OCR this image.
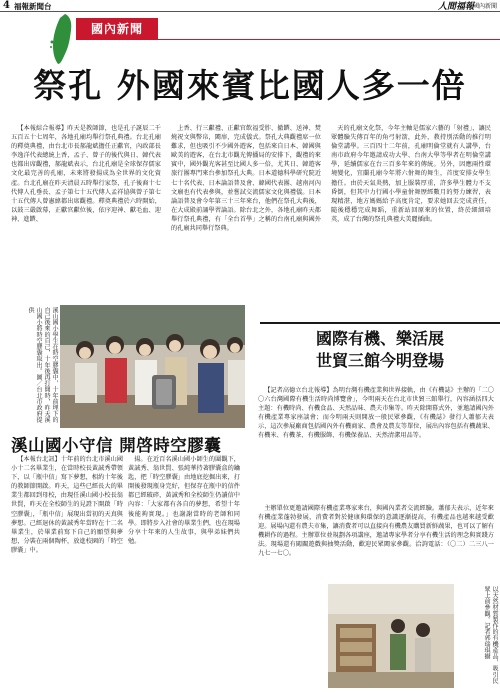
4 福報新聞台	人間福報
國內新聞
國內新聞
祭孔 外國來賓比國人多一倍

【本報綜合報導】昨天是教師節，也是孔子誕辰二千五百五十七周年，各地孔廟均舉行祭孔典禮。台北孔廟的釋奠典禮，由台北市長郝龍斌擔任正獻官，內政部長李逸洋代表總統上香，孟子、曾子的後代與日、韓代表也都出席觀禮，郝龍斌表示，台北孔廟是全球保存儒家文化最完善的孔廟，未來將發揚成為全世界的文化資產。台北孔廟在昨天清晨五時舉行家祭，孔子後裔十七代傳人孔垂長、孟子第七十五代傳人孟祥協與曾子第七十五代傳人曾憲緯都出席觀禮。釋奠典禮於六時開始，以鼓三嚴啟幕，正獻官獻位後，依序迎神、獻毛血、迎神、進饌、

上香、行三獻禮、正獻官飲福受胙、撤饌、送神、焚燒祝文與幣帛，闔扉，完成儀式。祭孔大典觀禮席一位難求，但也吸引不少國外遊客，包括來自日本、韓國與歐美的遊客，在台北市觀光傳播局的安排下，觀禮的來賓中，國外觀光客甚至比國人多一倍，尤其日、韓遊客旅行團專門來台參加祭孔大典。日本道德科學研究院近七十名代表、日本論語普及會、韓國代表團、越南河內文廟也有代表參與，並嘗試交流儒家文化與禮儀。日本論語普及會今年第三十三年來台，他們在祭孔大典後，在大成殿前誦學習論語。除台北之外，各地孔廟昨天都舉行祭孔典禮，有「全台首學」之稱的台南孔廟與國外的孔廟共同舉行祭典。

天的孔廟文化祭，今年主軸是儒家六藝的「射禮」，讓民眾體驗失傳百年的角弓射箭，此外，教持別活動的推行明倫堂講學。三百四十二年前，孔廟明倫堂就有人講學，台南市政府今年邀請成功大學、台南大學等學者在明倫堂講學，延續儒家在台三百多年來的傳統。另外，因應兩性環境變化，宜蘭孔廟今年將六佾舞的舞生，首度安排女學生擔任。由於天氣炎熱，加上服裝厚重，許多學生體力不支昏倒，但其中力行國小學童佾舞歷經數月的努力練習，表現精湛，地方媽媽給予高度肯定，要求她回去完成責任，隨後穩穩完成舞蹈，重新站回原來的位置，終於細細培英，成了台灣的祭孔典禮大美麗插曲。

溪山國小學生在時空膠囊中，十年前埋下的自己後來的自己，十年後再打開時，昨天溪山國小將時空膠囊取出。圖／台北市政府提供
溪山國小守信 開啓時空膠囊

【本報台北訊】十年前的台北市溪山國小十二名畢業生，在當時校長黃誠秀帶領下，以「瓶中信」寫下夢想，相約十年後的教師節開啟。昨天，這些已經長大的畢業生都回到母校，由現任溪山國小校長翁世賢，昨天在全校師生的見證下開啟「時空膠囊」，「瓶中信」展現出當初的天真與夢想。己經退休的黃誠秀年當時在十二名畢業生，於畢業前寫下自己的願望與夢想，分裝在兩個陶杯，放進校園的「時空膠囊」中。

揚。在近百名溪山國小師生的圍觀下，黃誠秀、翁世賢、張純華持著膠囊盒的鑰匙，把「時空膠囊」由地底挖掘出來，打開後發現瓶身完好，但保存在瓶中的信件都已經破碎，黃誠秀和全校師生仍讀信中內容：「大家都有各自的夢想，希望十年後能夠實現。」也謝謝當時的老師和同學。即將步入社會的畢業生們，也在現場分享十年來的人生故事，與學弟妹們共勉。

國際有機、樂活展
世貿三館今明登場

【記者高德立台北報導】為明台灣有機產業與世界接軌，由《有機誌》主辦的「二〇〇六台灣國際有機生活時尚博覽會」，今明兩天在台北市世貿三館舉行，內容涵括四大主題：有機時尚、有機食品、天然品味、農夫市集等。昨天除開幕式外，並邀請國內外有機產業專家座談會；而今明兩天則開放一般民眾參觀，《有機誌》發行人蕭郁夫表示，這次參展廠商包括國內外有機商家、農會及農友等單位，展出內容包括有機蔬果、有機米、有機茶、有機服飾、有機保養品、天然清潔用品等。

主辦單位更邀請國際有機產業專家來台，與國內業者交流經驗。蕭郁夫表示，近年來有機產業蓬勃發展，消費者對於健康與環保的意識逐漸提高，有機產品也越來越受歡迎。展場內還有農夫市集，讓消費者可以直接向有機農友購買新鮮蔬果，也可以了解有機耕作的過程。主辦單位並規劃各項講座，邀請專家學者分享有機生活的理念與實踐方法。現場還有闖關遊戲與抽獎活動，歡迎民眾闔家參觀。洽詢電話：（〇二）二三八一九七一七〇。

以天然材質製作的有機產品，吸引民眾上前參觀。記者郭瑞琪攝
